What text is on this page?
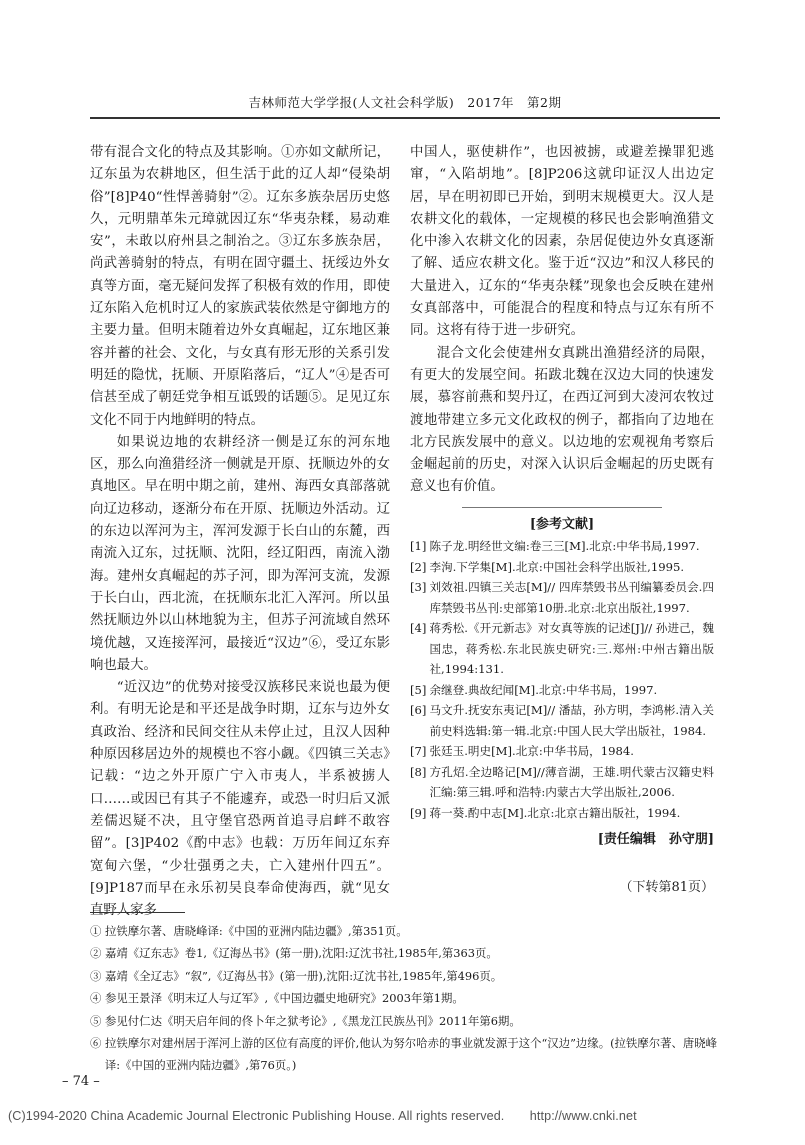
吉林师范大学学报(人文社会科学版)　2017年　第2期

带有混合文化的特点及其影响。①亦如文献所记，辽东虽为农耕地区，但生活于此的辽人却“侵染胡俗”[8]P40“性悍善骑射”②。辽东多族杂居历史悠久，元明鼎革朱元璋就因辽东“华夷杂糅，易动难安”，未敢以府州县之制治之。③辽东多族杂居，尚武善骑射的特点，有明在固守疆土、抚绥边外女真等方面，毫无疑问发挥了积极有效的作用，即使辽东陷入危机时辽人的家族武装依然是守御地方的主要力量。但明末随着边外女真崛起，辽东地区兼容并蓄的社会、文化，与女真有形无形的关系引发明廷的隐忧，抚顺、开原陷落后，“辽人”④是否可信甚至成了朝廷党争相互诋毁的话题⑤。足见辽东文化不同于内地鲜明的特点。

如果说边地的农耕经济一侧是辽东的河东地区，那么向渔猎经济一侧就是开原、抚顺边外的女真地区。早在明中期之前，建州、海西女真部落就向辽边移动，逐渐分布在开原、抚顺边外活动。辽的东边以浑河为主，浑河发源于长白山的东麓，西南流入辽东，过抚顺、沈阳，经辽阳西，南流入渤海。建州女真崛起的苏子河，即为浑河支流，发源于长白山，西北流，在抚顺东北汇入浑河。所以虽然抚顺边外以山林地貌为主，但苏子河流域自然环境优越，又连接浑河，最接近“汉边”⑥，受辽东影响也最大。

“近汉边”的优势对接受汉族移民来说也最为便利。有明无论是和平还是战争时期，辽东与边外女真政治、经济和民间交往从未停止过，且汉人因种种原因移居边外的规模也不容小觑。《四镇三关志》记载：“边之外开原广宁入市夷人，半系被掳人口……或因已有其子不能遽弃，或恐一时归后又派差儒迟疑不决，且守堡官恐两首追寻启衅不敢容留”。[3]P402《酌中志》也载：万历年间辽东弃宽甸六堡，“少壮强勇之夫，亡入建州什四五”。[9]P187而早在永乐初吴良奉命使海西，就“见女直野人家多

中国人，驱使耕作”，也因被掳，或避差操罪犯逃窜，“入陷胡地”。[8]P206这就印证汉人出边定居，早在明初即已开始，到明末规模更大。汉人是农耕文化的载体，一定规模的移民也会影响渔猎文化中渗入农耕文化的因素，杂居促使边外女真逐渐了解、适应农耕文化。鉴于近“汉边”和汉人移民的大量进入，辽东的“华夷杂糅”现象也会反映在建州女真部落中，可能混合的程度和特点与辽东有所不同。这将有待于进一步研究。

混合文化会使建州女真跳出渔猎经济的局限，有更大的发展空间。拓跋北魏在汉边大同的快速发展，慕容前燕和契丹辽，在西辽河到大凌河农牧过渡地带建立多元文化政权的例子，都指向了边地在北方民族发展中的意义。以边地的宏观视角考察后金崛起前的历史，对深入认识后金崛起的历史既有意义也有价值。

[参考文献]
[1] 陈子龙.明经世文编:卷三三[M].北京:中华书局,1997.
[2] 李洵.下学集[M].北京:中国社会科学出版社,1995.
[3] 刘效祖.四镇三关志[M]// 四库禁毁书丛刊编纂委员会.四库禁毁书丛刊:史部第10册.北京:北京出版社,1997.
[4] 蒋秀松.《开元新志》对女真等族的记述[J]// 孙进己，魏国忠，蒋秀松.东北民族史研究:三.郑州:中州古籍出版社,1994:131.
[5] 余继登.典故纪闻[M].北京:中华书局，1997.
[6] 马文升.抚安东夷记[M]// 潘喆，孙方明，李鸿彬.清入关前史料选辑:第一辑.北京:中国人民大学出版社，1984.
[7] 张廷玉.明史[M].北京:中华书局，1984.
[8] 方孔炤.全边略记[M]//薄音湖，王雄.明代蒙古汉籍史料汇编:第三辑.呼和浩特:内蒙古大学出版社,2006.
[9] 蒋一葵.酌中志[M].北京:北京古籍出版社，1994.
[责任编辑　孙守朋]
（下转第81页）
① 拉铁摩尔著、唐晓峰译:《中国的亚洲内陆边疆》,第351页。
② 嘉靖《辽东志》卷1,《辽海丛书》(第一册),沈阳:辽沈书社,1985年,第363页。
③ 嘉靖《全辽志》“叙”,《辽海丛书》(第一册),沈阳:辽沈书社,1985年,第496页。
④ 参见王景泽《明末辽人与辽军》,《中国边疆史地研究》2003年第1期。
⑤ 参见付仁达《明天启年间的佟卜年之狱考论》,《黑龙江民族丛刊》2011年第6期。
⑥ 拉铁摩尔对建州居于浑河上游的区位有高度的评价,他认为努尔哈赤的事业就发源于这个“汉边”边缘。(拉铁摩尔著、唐晓峰译:《中国的亚洲内陆边疆》,第76页。)
– 74 –
(C)1994-2020 China Academic Journal Electronic Publishing House. All rights reserved.　　http://www.cnki.net
